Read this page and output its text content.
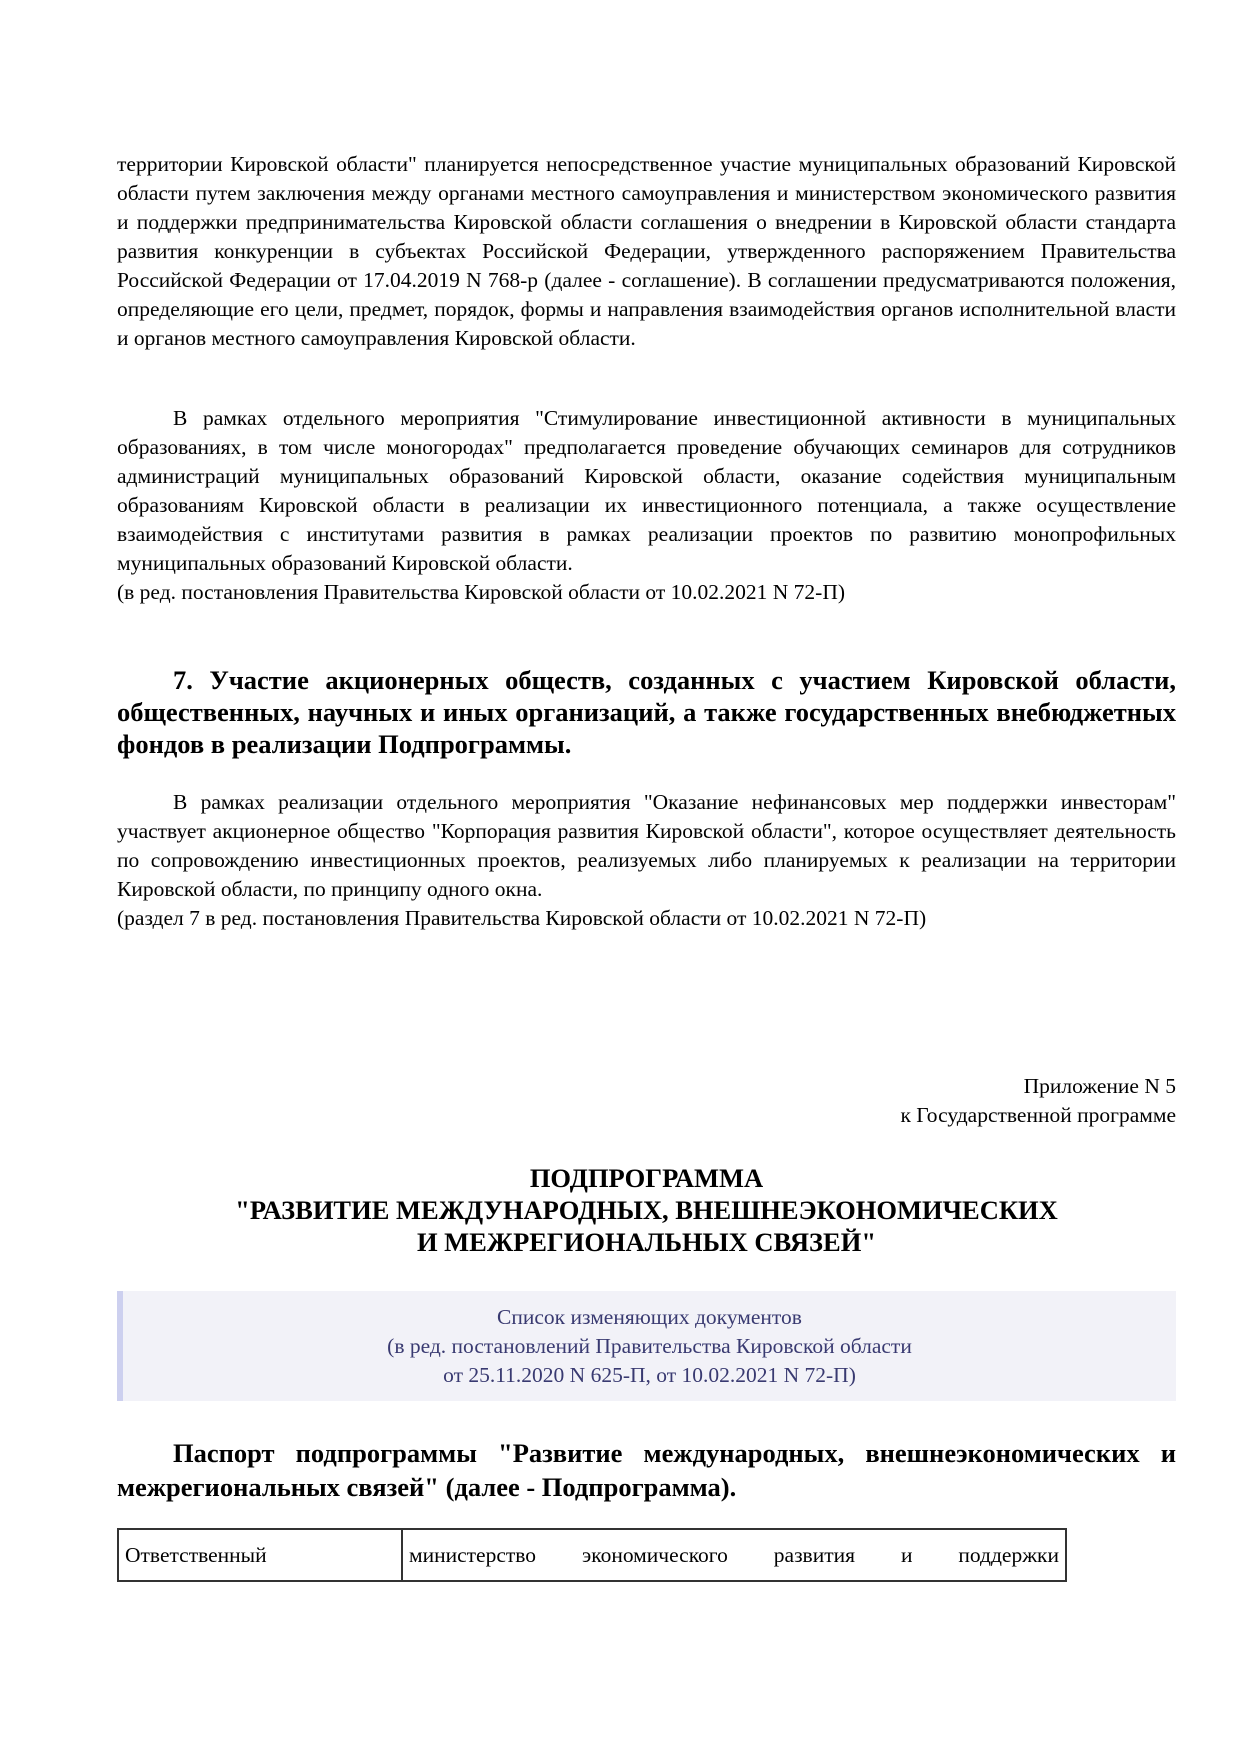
территории Кировской области" планируется непосредственное участие муниципальных образований Кировской области путем заключения между органами местного самоуправления и министерством экономического развития и поддержки предпринимательства Кировской области соглашения о внедрении в Кировской области стандарта развития конкуренции в субъектах Российской Федерации, утвержденного распоряжением Правительства Российской Федерации от 17.04.2019 N 768-р (далее - соглашение). В соглашении предусматриваются положения, определяющие его цели, предмет, порядок, формы и направления взаимодействия органов исполнительной власти и органов местного самоуправления Кировской области.

В рамках отдельного мероприятия "Стимулирование инвестиционной активности в муниципальных образованиях, в том числе моногородах" предполагается проведение обучающих семинаров для сотрудников администраций муниципальных образований Кировской области, оказание содействия муниципальным образованиям Кировской области в реализации их инвестиционного потенциала, а также осуществление взаимодействия с институтами развития в рамках реализации проектов по развитию монопрофильных муниципальных образований Кировской области.

(в ред. постановления Правительства Кировской области от 10.02.2021 N 72-П)

7. Участие акционерных обществ, созданных с участием Кировской области, общественных, научных и иных организаций, а также государственных внебюджетных фондов в реализации Подпрограммы.

В рамках реализации отдельного мероприятия "Оказание нефинансовых мер поддержки инвесторам" участвует акционерное общество "Корпорация развития Кировской области", которое осуществляет деятельность по сопровождению инвестиционных проектов, реализуемых либо планируемых к реализации на территории Кировской области, по принципу одного окна.

(раздел 7 в ред. постановления Правительства Кировской области от 10.02.2021 N 72-П)

Приложение N 5
к Государственной программе
ПОДПРОГРАММА
"РАЗВИТИЕ МЕЖДУНАРОДНЫХ, ВНЕШНЕЭКОНОМИЧЕСКИХ
И МЕЖРЕГИОНАЛЬНЫХ СВЯЗЕЙ"
Список изменяющих документов
(в ред. постановлений Правительства Кировской области
от 25.11.2020 N 625-П, от 10.02.2021 N 72-П)

Паспорт подпрограммы "Развитие международных, внешнеэкономических и межрегиональных связей" (далее - Подпрограмма).

Ответственный	министерство экономического развития и поддержки
